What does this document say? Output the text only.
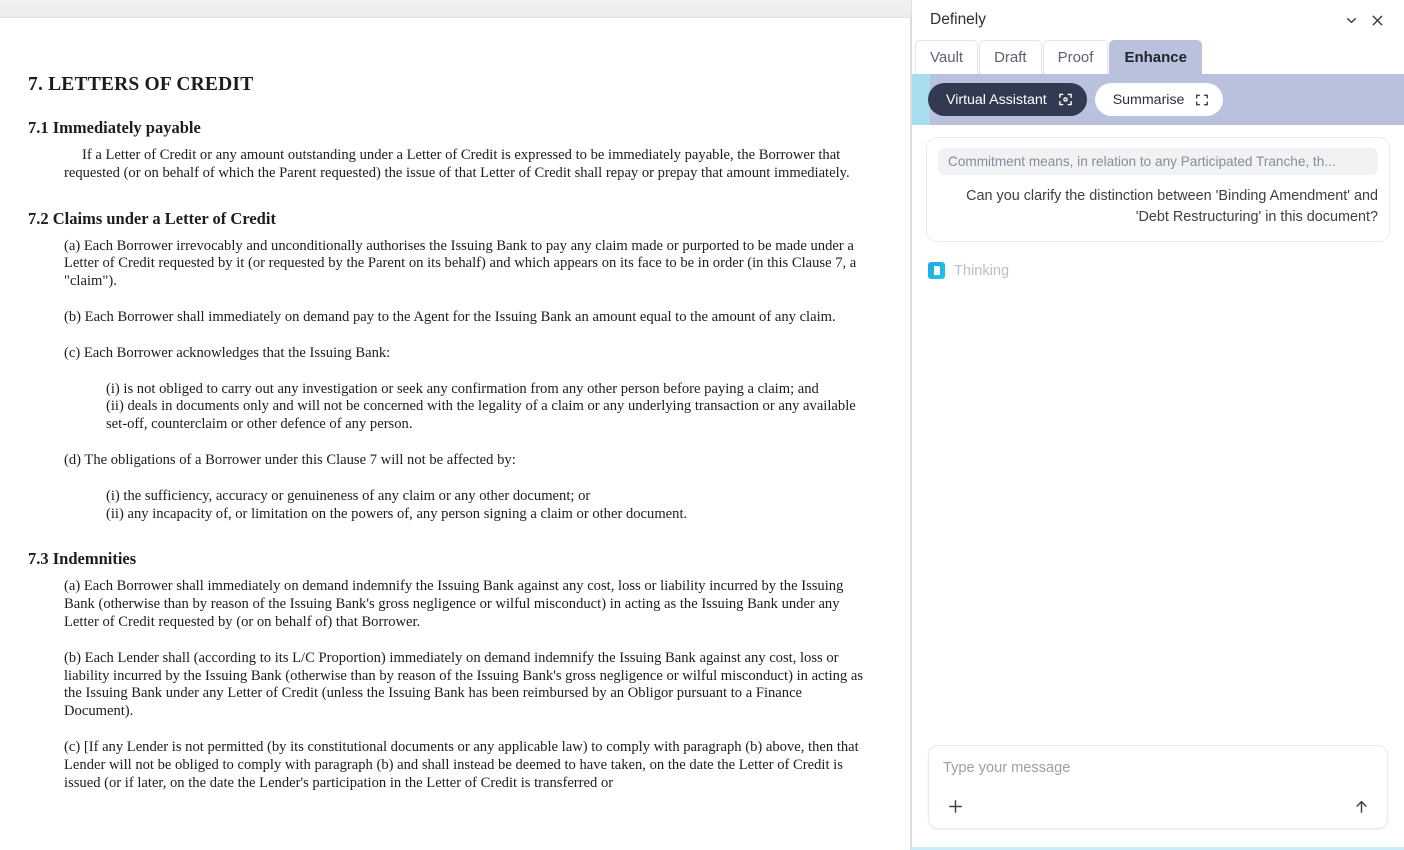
7. LETTERS OF CREDIT
7.1 Immediately payable

If a Letter of Credit or any amount outstanding under a Letter of Credit is expressed to be immediately payable, the Borrower that requested (or on behalf of which the Parent requested) the issue of that Letter of Credit shall repay or prepay that amount immediately.

7.2 Claims under a Letter of Credit

(a) Each Borrower irrevocably and unconditionally authorises the Issuing Bank to pay any claim made or purported to be made under a Letter of Credit requested by it (or requested by the Parent on its behalf) and which appears on its face to be in order (in this Clause 7, a "claim").

(b) Each Borrower shall immediately on demand pay to the Agent for the Issuing Bank an amount equal to the amount of any claim.

(c) Each Borrower acknowledges that the Issuing Bank:

(i) is not obliged to carry out any investigation or seek any confirmation from any other person before paying a claim; and

(ii) deals in documents only and will not be concerned with the legality of a claim or any underlying transaction or any available set-off, counterclaim or other defence of any person.

(d) The obligations of a Borrower under this Clause 7 will not be affected by:

(i) the sufficiency, accuracy or genuineness of any claim or any other document; or

(ii) any incapacity of, or limitation on the powers of, any person signing a claim or other document.

7.3 Indemnities

(a) Each Borrower shall immediately on demand indemnify the Issuing Bank against any cost, loss or liability incurred by the Issuing Bank (otherwise than by reason of the Issuing Bank's gross negligence or wilful misconduct) in acting as the Issuing Bank under any Letter of Credit requested by (or on behalf of) that Borrower.

(b) Each Lender shall (according to its L/C Proportion) immediately on demand indemnify the Issuing Bank against any cost, loss or liability incurred by the Issuing Bank (otherwise than by reason of the Issuing Bank's gross negligence or wilful misconduct) in acting as the Issuing Bank under any Letter of Credit (unless the Issuing Bank has been reimbursed by an Obligor pursuant to a Finance Document).

(c) [If any Lender is not permitted (by its constitutional documents or any applicable law) to comply with paragraph (b) above, then that Lender will not be obliged to comply with paragraph (b) and shall instead be deemed to have taken, on the date the Letter of Credit is issued (or if later, on the date the Lender's participation in the Letter of Credit is transferred or

Definely
Vault Draft Proof Enhance
Virtual Assistant	Summarise
Commitment means, in relation to any Participated Tranche, th...
Can you clarify the distinction between 'Binding Amendment' and 'Debt Restructuring' in this document?
Thinking
Type your message
